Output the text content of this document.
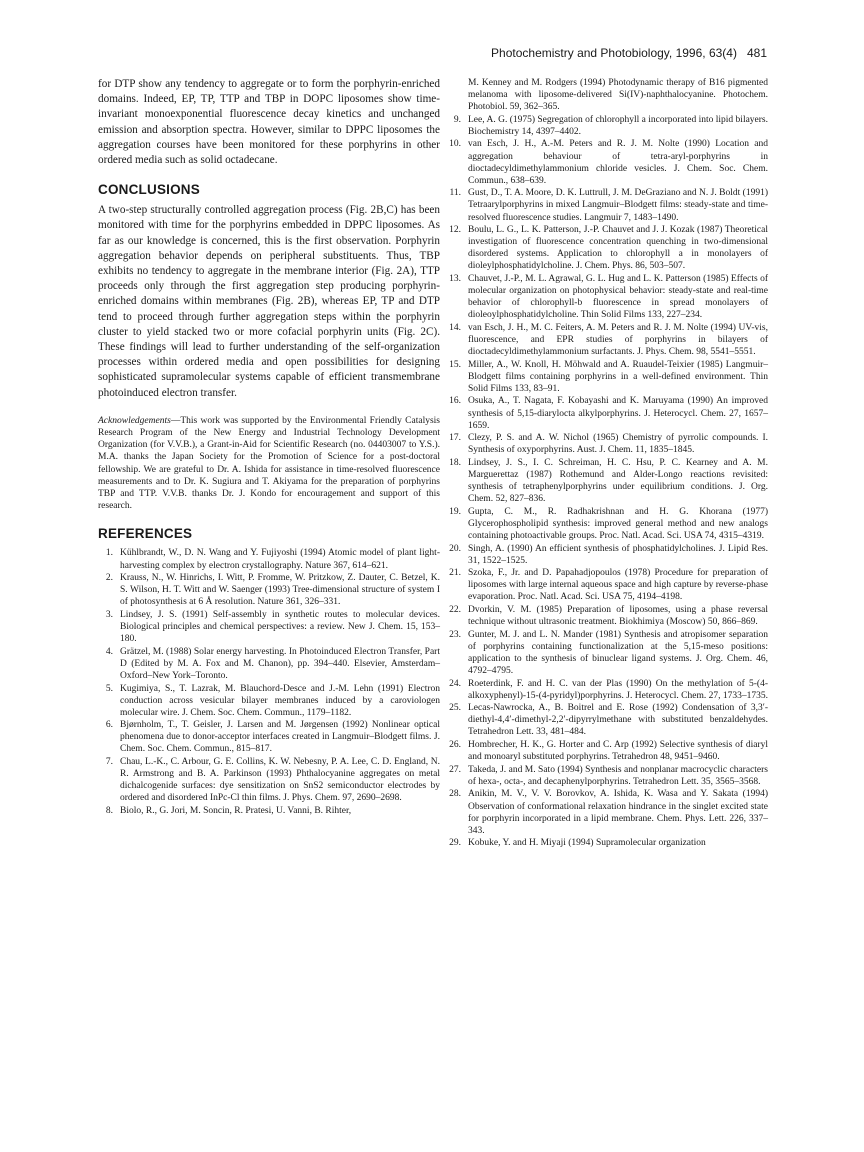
Photochemistry and Photobiology, 1996, 63(4) 481

for DTP show any tendency to aggregate or to form the porphyrin-enriched domains. Indeed, EP, TP, TTP and TBP in DOPC liposomes show time-invariant monoexponential fluorescence decay kinetics and unchanged emission and absorption spectra. However, similar to DPPC liposomes the aggregation courses have been monitored for these porphyrins in other ordered media such as solid octadecane.

CONCLUSIONS

A two-step structurally controlled aggregation process (Fig. 2B,C) has been monitored with time for the porphyrins embedded in DPPC liposomes. As far as our knowledge is concerned, this is the first observation. Porphyrin aggregation behavior depends on peripheral substituents. Thus, TBP exhibits no tendency to aggregate in the membrane interior (Fig. 2A), TTP proceeds only through the first aggregation step producing porphyrin-enriched domains within membranes (Fig. 2B), whereas EP, TP and DTP tend to proceed through further aggregation steps within the porphyrin cluster to yield stacked two or more cofacial porphyrin units (Fig. 2C). These findings will lead to further understanding of the self-organization processes within ordered media and open possibilities for designing sophisticated supramolecular systems capable of efficient transmembrane photoinduced electron transfer.

Acknowledgements—This work was supported by the Environmental Friendly Catalysis Research Program of the New Energy and Industrial Technology Development Organization (for V.V.B.), a Grant-in-Aid for Scientific Research (no. 04403007 to Y.S.). M.A. thanks the Japan Society for the Promotion of Science for a post-doctoral fellowship. We are grateful to Dr. A. Ishida for assistance in time-resolved fluorescence measurements and to Dr. K. Sugiura and T. Akiyama for the preparation of porphyrins TBP and TTP. V.V.B. thanks Dr. J. Kondo for encouragement and support of this research.

REFERENCES
1. Kühlbrandt, W., D. N. Wang and Y. Fujiyoshi (1994) Atomic model of plant light-harvesting complex by electron crystallography. Nature 367, 614–621.
2. Krauss, N., W. Hinrichs, I. Witt, P. Fromme, W. Pritzkow, Z. Dauter, C. Betzel, K. S. Wilson, H. T. Witt and W. Saenger (1993) Tree-dimensional structure of system I of photosynthesis at 6 Å resolution. Nature 361, 326–331.
3. Lindsey, J. S. (1991) Self-assembly in synthetic routes to molecular devices. Biological principles and chemical perspectives: a review. New J. Chem. 15, 153–180.
4. Grätzel, M. (1988) Solar energy harvesting. In Photoinduced Electron Transfer, Part D (Edited by M. A. Fox and M. Chanon), pp. 394–440. Elsevier, Amsterdam–Oxford–New York–Toronto.
5. Kugimiya, S., T. Lazrak, M. Blauchord-Desce and J.-M. Lehn (1991) Electron conduction across vesicular bilayer membranes induced by a caroviologen molecular wire. J. Chem. Soc. Chem. Commun., 1179–1182.
6. Bjørnholm, T., T. Geisler, J. Larsen and M. Jørgensen (1992) Nonlinear optical phenomena due to donor-acceptor interfaces created in Langmuir–Blodgett films. J. Chem. Soc. Chem. Commun., 815–817.
7. Chau, L.-K., C. Arbour, G. E. Collins, K. W. Nebesny, P. A. Lee, C. D. England, N. R. Armstrong and B. A. Parkinson (1993) Phthalocyanine aggregates on metal dichalcogenide surfaces: dye sensitization on SnS2 semiconductor electrodes by ordered and disordered InPc-Cl thin films. J. Phys. Chem. 97, 2690–2698.
8. Biolo, R., G. Jori, M. Soncin, R. Pratesi, U. Vanni, B. Rihter,
M. Kenney and M. Rodgers (1994) Photodynamic therapy of B16 pigmented melanoma with liposome-delivered Si(IV)-naphthalocyanine. Photochem. Photobiol. 59, 362–365.
9. Lee, A. G. (1975) Segregation of chlorophyll a incorporated into lipid bilayers. Biochemistry 14, 4397–4402.
10. van Esch, J. H., A.-M. Peters and R. J. M. Nolte (1990) Location and aggregation behaviour of tetra-aryl-porphyrins in dioctadecyldimethylammonium chloride vesicles. J. Chem. Soc. Chem. Commun., 638–639.
11. Gust, D., T. A. Moore, D. K. Luttrull, J. M. DeGraziano and N. J. Boldt (1991) Tetraarylporphyrins in mixed Langmuir–Blodgett films: steady-state and time-resolved fluorescence studies. Langmuir 7, 1483–1490.
12. Boulu, L. G., L. K. Patterson, J.-P. Chauvet and J. J. Kozak (1987) Theoretical investigation of fluorescence concentration quenching in two-dimensional disordered systems. Application to chlorophyll a in monolayers of dioleylphosphatidylcholine. J. Chem. Phys. 86, 503–507.
13. Chauvet, J.-P., M. L. Agrawal, G. L. Hug and L. K. Patterson (1985) Effects of molecular organization on photophysical behavior: steady-state and real-time behavior of chlorophyll-b fluorescence in spread monolayers of dioleoylphosphatidylcholine. Thin Solid Films 133, 227–234.
14. van Esch, J. H., M. C. Feiters, A. M. Peters and R. J. M. Nolte (1994) UV-vis, fluorescence, and EPR studies of porphyrins in bilayers of dioctadecyldimethylammonium surfactants. J. Phys. Chem. 98, 5541–5551.
15. Miller, A., W. Knoll, H. Möhwald and A. Ruaudel-Teixier (1985) Langmuir–Blodgett films containing porphyrins in a well-defined environment. Thin Solid Films 133, 83–91.
16. Osuka, A., T. Nagata, F. Kobayashi and K. Maruyama (1990) An improved synthesis of 5,15-diarylocta alkylporphyrins. J. Heterocycl. Chem. 27, 1657–1659.
17. Clezy, P. S. and A. W. Nichol (1965) Chemistry of pyrrolic compounds. I. Synthesis of oxyporphyrins. Aust. J. Chem. 11, 1835–1845.
18. Lindsey, J. S., I. C. Schreiman, H. C. Hsu, P. C. Kearney and A. M. Marguerettaz (1987) Rothemund and Alder-Longo reactions revisited: synthesis of tetraphenylporphyrins under equilibrium conditions. J. Org. Chem. 52, 827–836.
19. Gupta, C. M., R. Radhakrishnan and H. G. Khorana (1977) Glycerophospholipid synthesis: improved general method and new analogs containing photoactivable groups. Proc. Natl. Acad. Sci. USA 74, 4315–4319.
20. Singh, A. (1990) An efficient synthesis of phosphatidylcholines. J. Lipid Res. 31, 1522–1525.
21. Szoka, F., Jr. and D. Papahadjopoulos (1978) Procedure for preparation of liposomes with large internal aqueous space and high capture by reverse-phase evaporation. Proc. Natl. Acad. Sci. USA 75, 4194–4198.
22. Dvorkin, V. M. (1985) Preparation of liposomes, using a phase reversal technique without ultrasonic treatment. Biokhimiya (Moscow) 50, 866–869.
23. Gunter, M. J. and L. N. Mander (1981) Synthesis and atropisomer separation of porphyrins containing functionalization at the 5,15-meso positions: application to the synthesis of binuclear ligand systems. J. Org. Chem. 46, 4792–4795.
24. Roeterdink, F. and H. C. van der Plas (1990) On the methylation of 5-(4-alkoxyphenyl)-15-(4-pyridyl)porphyrins. J. Heterocycl. Chem. 27, 1733–1735.
25. Lecas-Nawrocka, A., B. Boitrel and E. Rose (1992) Condensation of 3,3′-diethyl-4,4′-dimethyl-2,2′-dipyrrylmethane with substituted benzaldehydes. Tetrahedron Lett. 33, 481–484.
26. Hombrecher, H. K., G. Horter and C. Arp (1992) Selective synthesis of diaryl and monoaryl substituted porphyrins. Tetrahedron 48, 9451–9460.
27. Takeda, J. and M. Sato (1994) Synthesis and nonplanar macrocyclic characters of hexa-, octa-, and decaphenylporphyrins. Tetrahedron Lett. 35, 3565–3568.
28. Anikin, M. V., V. V. Borovkov, A. Ishida, K. Wasa and Y. Sakata (1994) Observation of conformational relaxation hindrance in the singlet excited state for porphyrin incorporated in a lipid membrane. Chem. Phys. Lett. 226, 337–343.
29. Kobuke, Y. and H. Miyaji (1994) Supramolecular organization
